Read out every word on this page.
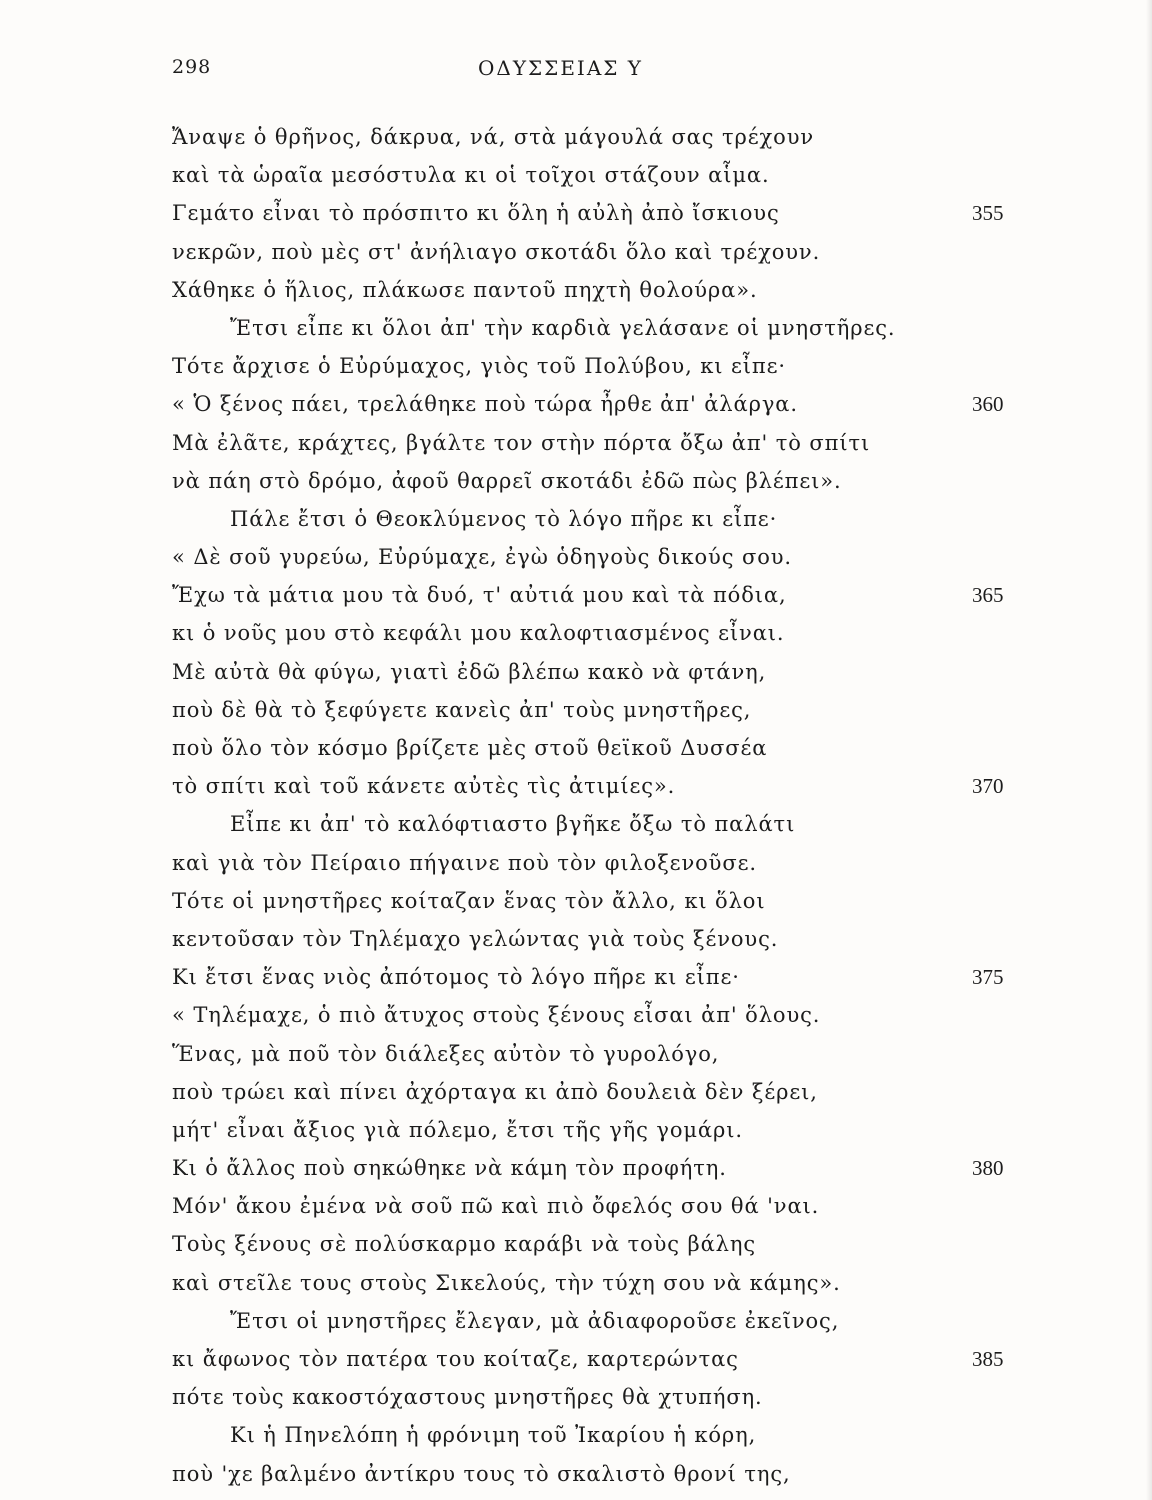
298	ΟΔΥΣΣΕΙΑΣ Υ
Ἄναψε ὁ θρῆνος, δάκρυα, νά, στὰ μάγουλά σας τρέχουν
καὶ τὰ ὡραῖα μεσόστυλα κι οἱ τοῖχοι στάζουν αἷμα.
Γεμάτο εἶναι τὸ πρόσπιτο κι ὅλη ἡ αὐλὴ ἀπὸ ἴσκιους	355
νεκρῶν, ποὺ μὲς στ' ἀνήλιαγο σκοτάδι ὅλο καὶ τρέχουν.
Χάθηκε ὁ ἥλιος, πλάκωσε παντοῦ πηχτὴ θολούρα».
Ἔτσι εἶπε κι ὅλοι ἀπ' τὴν καρδιὰ γελάσανε οἱ μνηστῆρες.
Τότε ἄρχισε ὁ Εὐρύμαχος, γιὸς τοῦ Πολύβου, κι εἶπε·
« Ὁ ξένος πάει, τρελάθηκε ποὺ τώρα ἦρθε ἀπ' ἀλάργα.	360
Μὰ ἐλᾶτε, κράχτες, βγάλτε τον στὴν πόρτα ὄξω ἀπ' τὸ σπίτι
νὰ πάη στὸ δρόμο, ἀφοῦ θαρρεῖ σκοτάδι ἐδῶ πὼς βλέπει».
Πάλε ἔτσι ὁ Θεοκλύμενος τὸ λόγο πῆρε κι εἶπε·
« Δὲ σοῦ γυρεύω, Εὐρύμαχε, ἐγὼ ὁδηγοὺς δικούς σου.
Ἔχω τὰ μάτια μου τὰ δυό, τ' αὐτιά μου καὶ τὰ πόδια,	365
κι ὁ νοῦς μου στὸ κεφάλι μου καλοφτιασμένος εἶναι.
Μὲ αὐτὰ θὰ φύγω, γιατὶ ἐδῶ βλέπω κακὸ νὰ φτάνη,
ποὺ δὲ θὰ τὸ ξεφύγετε κανεὶς ἀπ' τοὺς μνηστῆρες,
ποὺ ὅλο τὸν κόσμο βρίζετε μὲς στοῦ θεϊκοῦ Δυσσέα
τὸ σπίτι καὶ τοῦ κάνετε αὐτὲς τὶς ἀτιμίες».	370
Εἶπε κι ἀπ' τὸ καλόφτιαστο βγῆκε ὄξω τὸ παλάτι
καὶ γιὰ τὸν Πείραιο πήγαινε ποὺ τὸν φιλοξενοῦσε.
Τότε οἱ μνηστῆρες κοίταζαν ἕνας τὸν ἄλλο, κι ὅλοι
κεντοῦσαν τὸν Τηλέμαχο γελώντας γιὰ τοὺς ξένους.
Κι ἔτσι ἕνας νιὸς ἀπότομος τὸ λόγο πῆρε κι εἶπε·	375
« Τηλέμαχε, ὁ πιὸ ἄτυχος στοὺς ξένους εἶσαι ἀπ' ὅλους.
Ἕνας, μὰ ποῦ τὸν διάλεξες αὐτὸν τὸ γυρολόγο,
ποὺ τρώει καὶ πίνει ἀχόρταγα κι ἀπὸ δουλειὰ δὲν ξέρει,
μήτ' εἶναι ἄξιος γιὰ πόλεμο, ἔτσι τῆς γῆς γομάρι.
Κι ὁ ἄλλος ποὺ σηκώθηκε νὰ κάμη τὸν προφήτη.	380
Μόν' ἄκου ἐμένα νὰ σοῦ πῶ καὶ πιὸ ὄφελός σου θά 'ναι.
Τοὺς ξένους σὲ πολύσκαρμο καράβι νὰ τοὺς βάλης
καὶ στεῖλε τους στοὺς Σικελούς, τὴν τύχη σου νὰ κάμης».
Ἔτσι οἱ μνηστῆρες ἔλεγαν, μὰ ἀδιαφοροῦσε ἐκεῖνος,
κι ἄφωνος τὸν πατέρα του κοίταζε, καρτερώντας	385
πότε τοὺς κακοστόχαστους μνηστῆρες θὰ χτυπήση.
Κι ἡ Πηνελόπη ἡ φρόνιμη τοῦ Ἰκαρίου ἡ κόρη,
ποὺ 'χε βαλμένο ἀντίκρυ τους τὸ σκαλιστὸ θρονί της,
